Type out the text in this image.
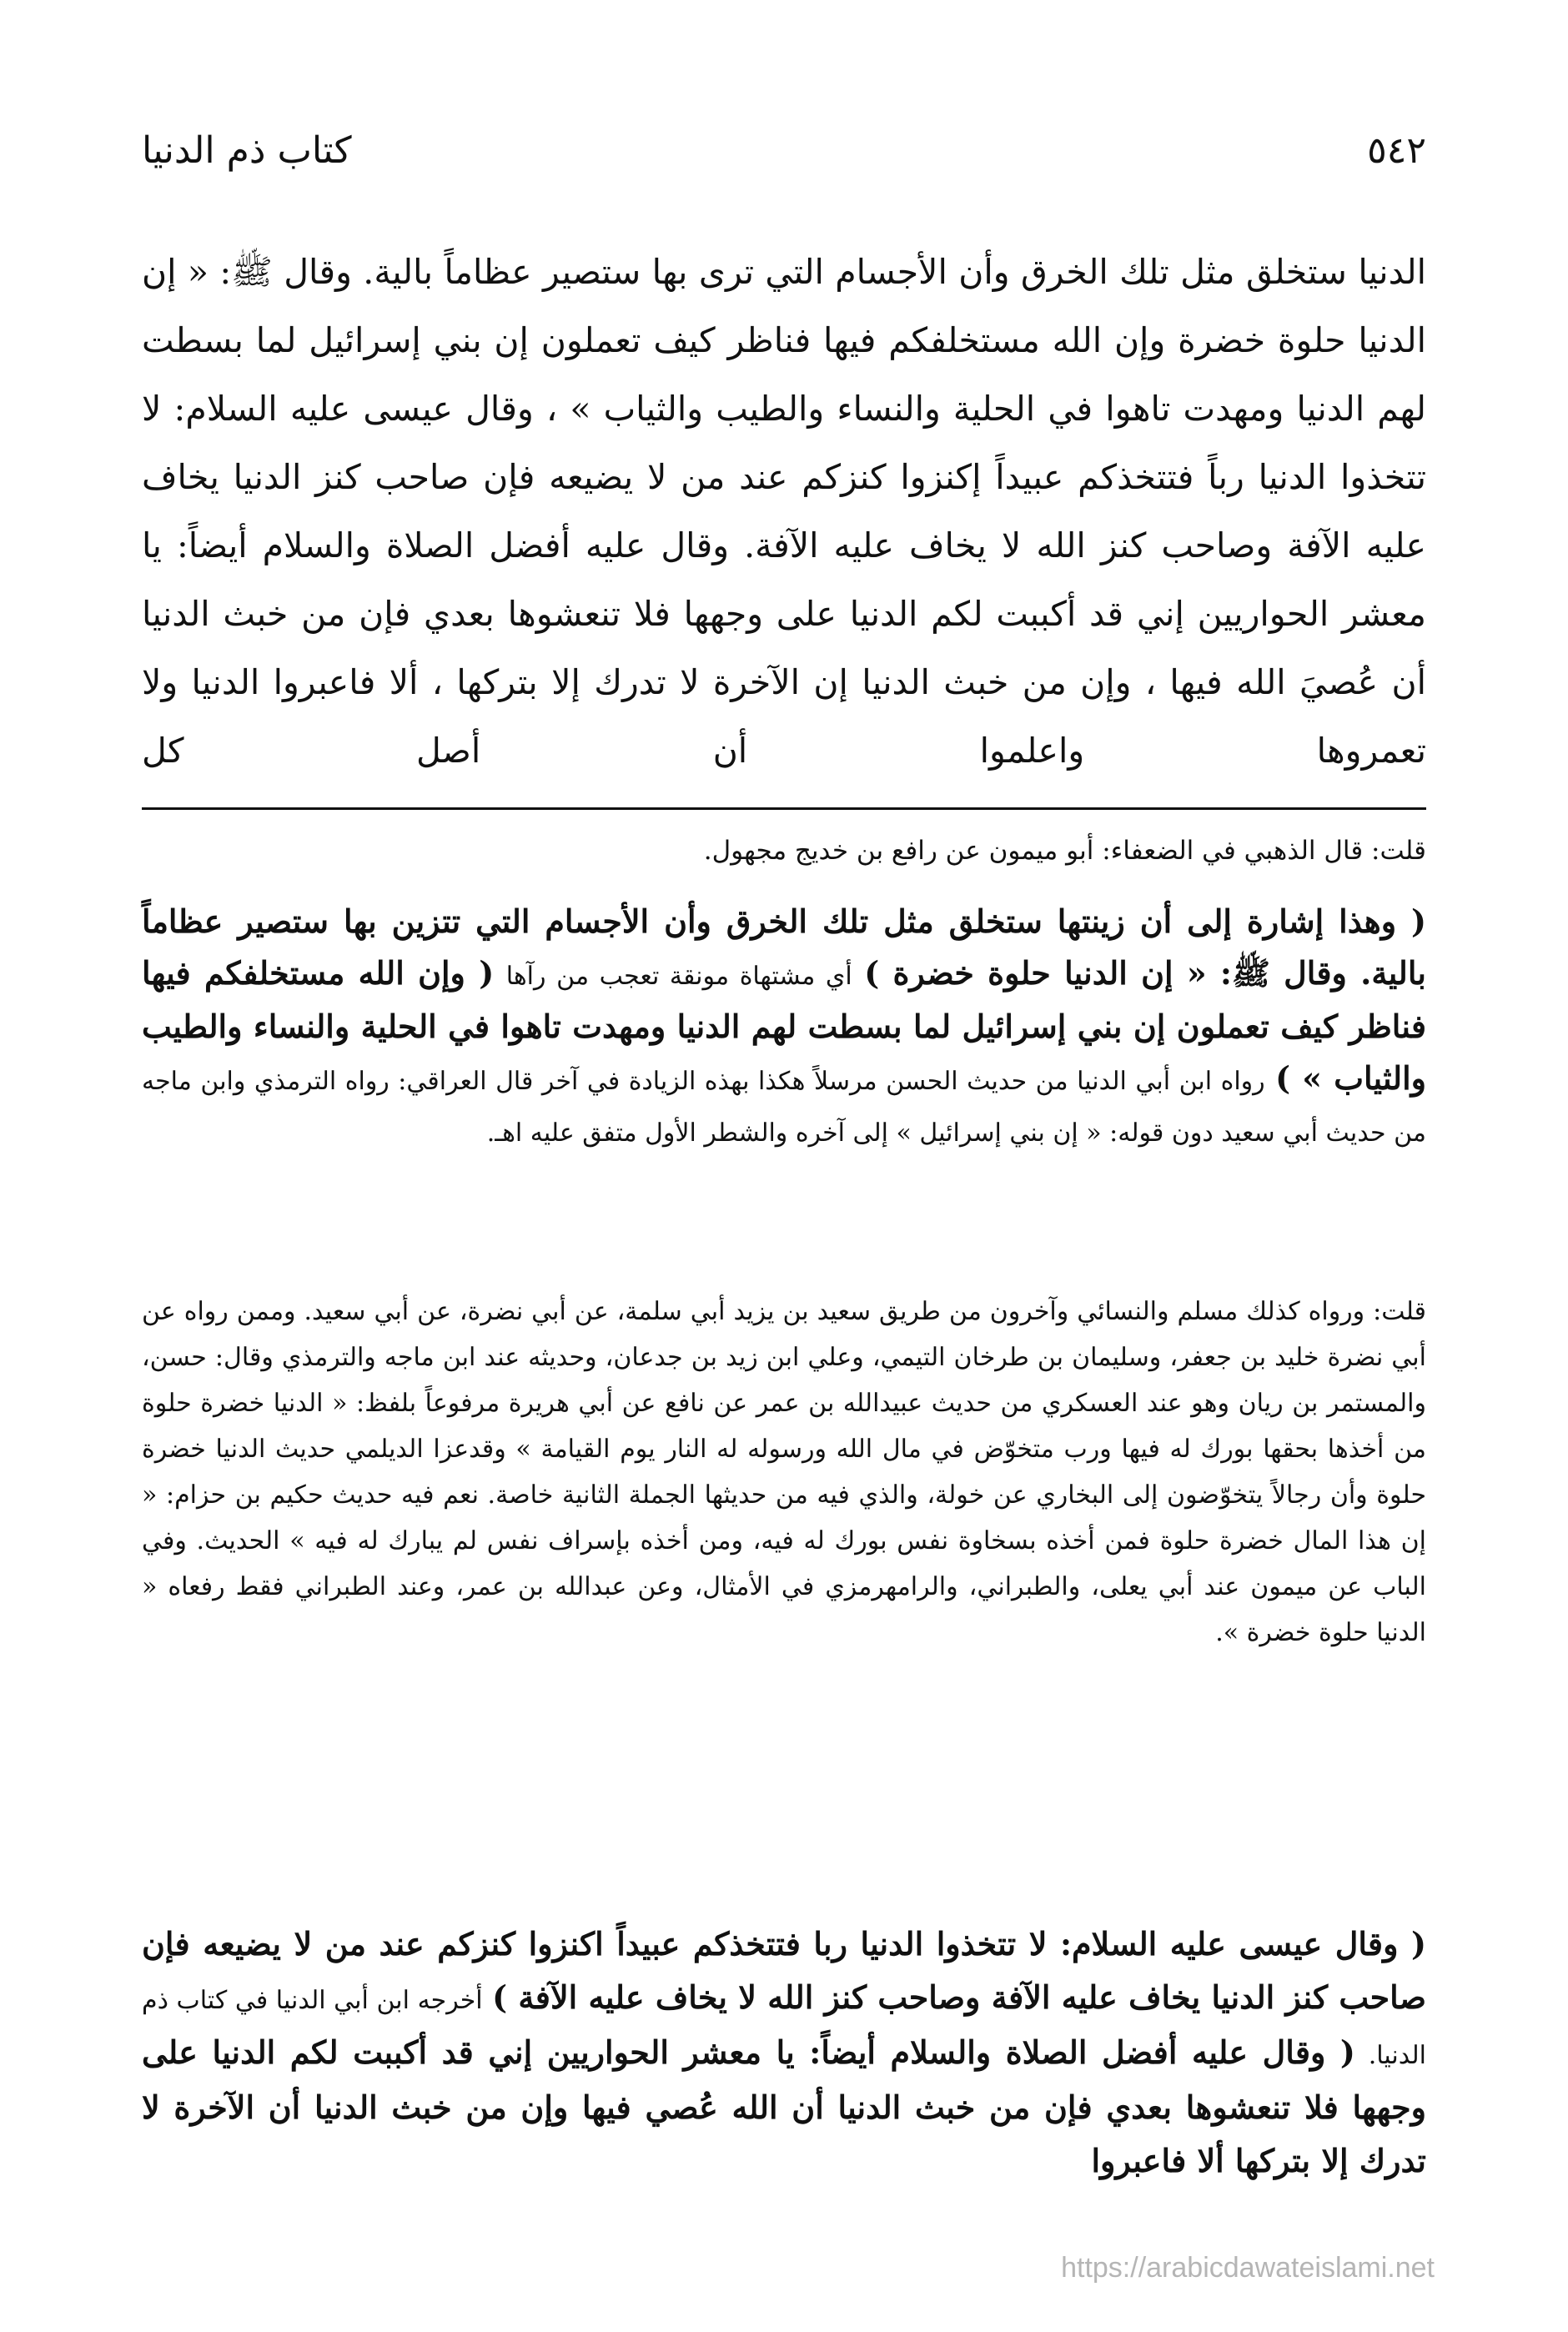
٥٤٢
كتاب ذم الدنيا

الدنيا ستخلق مثل تلك الخرق وأن الأجسام التي ترى بها ستصير عظاماً بالية. وقال ﷺ: « إن الدنيا حلوة خضرة وإن الله مستخلفكم فيها فناظر كيف تعملون إن بني إسرائيل لما بسطت لهم الدنيا ومهدت تاهوا في الحلية والنساء والطيب والثياب » ، وقال عيسى عليه السلام: لا تتخذوا الدنيا رباً فتتخذكم عبيداً إكنزوا كنزكم عند من لا يضيعه فإن صاحب كنز الدنيا يخاف عليه الآفة وصاحب كنز الله لا يخاف عليه الآفة. وقال عليه أفضل الصلاة والسلام أيضاً: يا معشر الحواريين إني قد أكببت لكم الدنيا على وجهها فلا تنعشوها بعدي فإن من خبث الدنيا أن عُصيَ الله فيها ، وإن من خبث الدنيا إن الآخرة لا تدرك إلا بتركها ، ألا فاعبروا الدنيا ولا تعمروها واعلموا أن أصل كل

قلت: قال الذهبي في الضعفاء: أبو ميمون عن رافع بن خديج مجهول.

( وهذا إشارة إلى أن زينتها ستخلق مثل تلك الخرق وأن الأجسام التي تتزين بها ستصير عظاماً بالية. وقال ﷺ: « إن الدنيا حلوة خضرة ) أي مشتهاة مونقة تعجب من رآها ( وإن الله مستخلفكم فيها فناظر كيف تعملون إن بني إسرائيل لما بسطت لهم الدنيا ومهدت تاهوا في الحلية والنساء والطيب والثياب » ) رواه ابن أبي الدنيا من حديث الحسن مرسلاً هكذا بهذه الزيادة في آخر قال العراقي: رواه الترمذي وابن ماجه من حديث أبي سعيد دون قوله: « إن بني إسرائيل » إلى آخره والشطر الأول متفق عليه اهـ.

قلت: ورواه كذلك مسلم والنسائي وآخرون من طريق سعيد بن يزيد أبي سلمة، عن أبي نضرة، عن أبي سعيد. وممن رواه عن أبي نضرة خليد بن جعفر، وسليمان بن طرخان التيمي، وعلي ابن زيد بن جدعان، وحديثه عند ابن ماجه والترمذي وقال: حسن، والمستمر بن ريان وهو عند العسكري من حديث عبيدالله بن عمر عن نافع عن أبي هريرة مرفوعاً بلفظ: « الدنيا خضرة حلوة من أخذها بحقها بورك له فيها ورب متخوّض في مال الله ورسوله له النار يوم القيامة » وقدعزا الديلمي حديث الدنيا خضرة حلوة وأن رجالاً يتخوّضون إلى البخاري عن خولة، والذي فيه من حديثها الجملة الثانية خاصة. نعم فيه حديث حكيم بن حزام: « إن هذا المال خضرة حلوة فمن أخذه بسخاوة نفس بورك له فيه، ومن أخذه بإسراف نفس لم يبارك له فيه » الحديث. وفي الباب عن ميمون عند أبي يعلى، والطبراني، والرامهرمزي في الأمثال، وعن عبدالله بن عمر، وعند الطبراني فقط رفعاه « الدنيا حلوة خضرة ».

( وقال عيسى عليه السلام: لا تتخذوا الدنيا ربا فتتخذكم عبيداً اكنزوا كنزكم عند من لا يضيعه فإن صاحب كنز الدنيا يخاف عليه الآفة وصاحب كنز الله لا يخاف عليه الآفة ) أخرجه ابن أبي الدنيا في كتاب ذم الدنيا. ( وقال عليه أفضل الصلاة والسلام أيضاً: يا معشر الحواريين إني قد أكببت لكم الدنيا على وجهها فلا تنعشوها بعدي فإن من خبث الدنيا أن الله عُصي فيها وإن من خبث الدنيا أن الآخرة لا تدرك إلا بتركها ألا فاعبروا

https://arabicdawateislami.net
